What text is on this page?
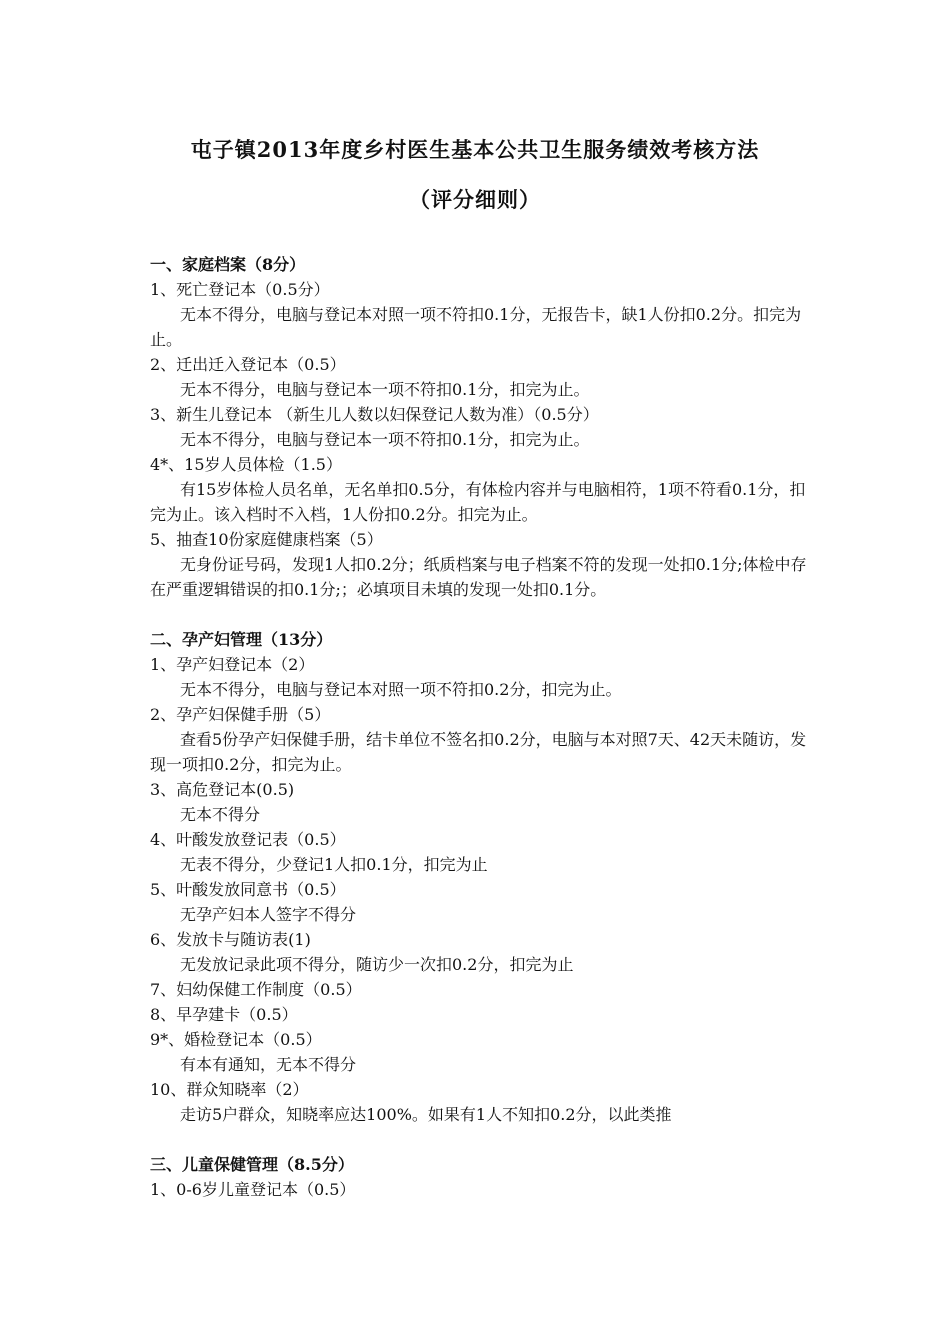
屯子镇2013年度乡村医生基本公共卫生服务绩效考核方法
（评分细则）

一、家庭档案（8分）

1、死亡登记本（0.5分）

无本不得分，电脑与登记本对照一项不符扣0.1分，无报告卡，缺1人份扣0.2分。扣完为止。

2、迁出迁入登记本（0.5）

无本不得分，电脑与登记本一项不符扣0.1分，扣完为止。

3、新生儿登记本 （新生儿人数以妇保登记人数为准）（0.5分）

无本不得分，电脑与登记本一项不符扣0.1分，扣完为止。

4*、15岁人员体检（1.5）

有15岁体检人员名单，无名单扣0.5分，有体检内容并与电脑相符，1项不符看0.1分，扣完为止。该入档时不入档，1人份扣0.2分。扣完为止。

5、抽查10份家庭健康档案（5）

无身份证号码，发现1人扣0.2分；纸质档案与电子档案不符的发现一处扣0.1分;体检中存在严重逻辑错误的扣0.1分;；必填项目未填的发现一处扣0.1分。

二、孕产妇管理（13分）

1、孕产妇登记本（2）

无本不得分，电脑与登记本对照一项不符扣0.2分，扣完为止。

2、孕产妇保健手册（5）

查看5份孕产妇保健手册，结卡单位不签名扣0.2分，电脑与本对照7天、42天未随访，发现一项扣0.2分，扣完为止。

3、高危登记本(0.5)

无本不得分

4、叶酸发放登记表（0.5）

无表不得分，少登记1人扣0.1分，扣完为止

5、叶酸发放同意书（0.5）

无孕产妇本人签字不得分

6、发放卡与随访表(1)

无发放记录此项不得分，随访少一次扣0.2分，扣完为止

7、妇幼保健工作制度（0.5）

8、早孕建卡（0.5）

9*、婚检登记本（0.5）

有本有通知，无本不得分

10、群众知晓率（2）

走访5户群众，知晓率应达100%。如果有1人不知扣0.2分，以此类推

三、儿童保健管理（8.5分）

1、0-6岁儿童登记本（0.5）
